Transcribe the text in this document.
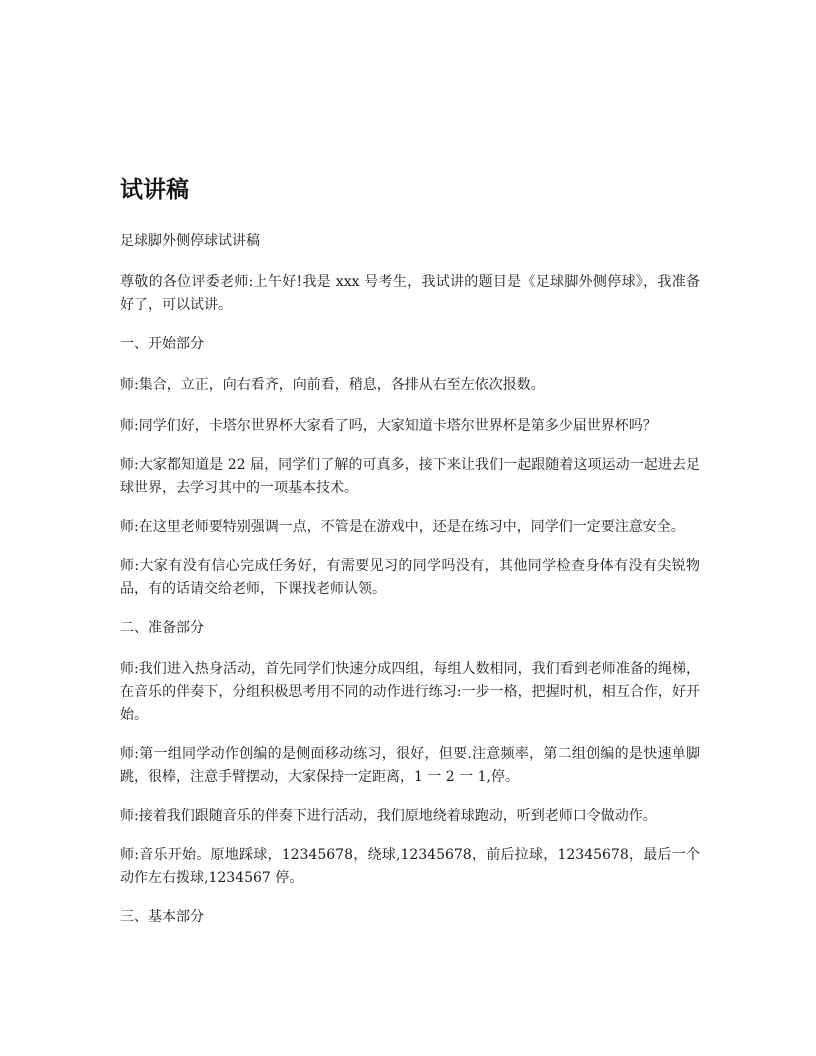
试讲稿

足球脚外侧停球试讲稿

尊敬的各位评委老师:上午好!我是 xxx 号考生，我试讲的题目是《足球脚外侧停球》，我准备好了，可以试讲。

一、开始部分

师:集合，立正，向右看齐，向前看，稍息，各排从右至左依次报数。

师:同学们好，卡塔尔世界杯大家看了吗，大家知道卡塔尔世界杯是第多少届世界杯吗？

师:大家都知道是 22 届，同学们了解的可真多，接下来让我们一起跟随着这项运动一起进去足球世界，去学习其中的一项基本技术。

师:在这里老师要特别强调一点，不管是在游戏中，还是在练习中，同学们一定要注意安全。

师:大家有没有信心完成任务好，有需要见习的同学吗没有，其他同学检查身体有没有尖锐物品，有的话请交给老师，下课找老师认领。

二、准备部分

师:我们进入热身活动，首先同学们快速分成四组，每组人数相同，我们看到老师准备的绳梯，在音乐的伴奏下，分组积极思考用不同的动作进行练习:一步一格，把握时机，相互合作，好开始。

师:第一组同学动作创编的是侧面移动练习，很好，但要.注意频率，第二组创编的是快速单脚跳，很棒，注意手臂摆动，大家保持一定距离，1 一 2 一 1,停。

师:接着我们跟随音乐的伴奏下进行活动，我们原地绕着球跑动，听到老师口令做动作。

师:音乐开始。原地踩球，12345678，绕球,12345678，前后拉球，12345678，最后一个动作左右拨球,1234567 停。

三、基本部分
